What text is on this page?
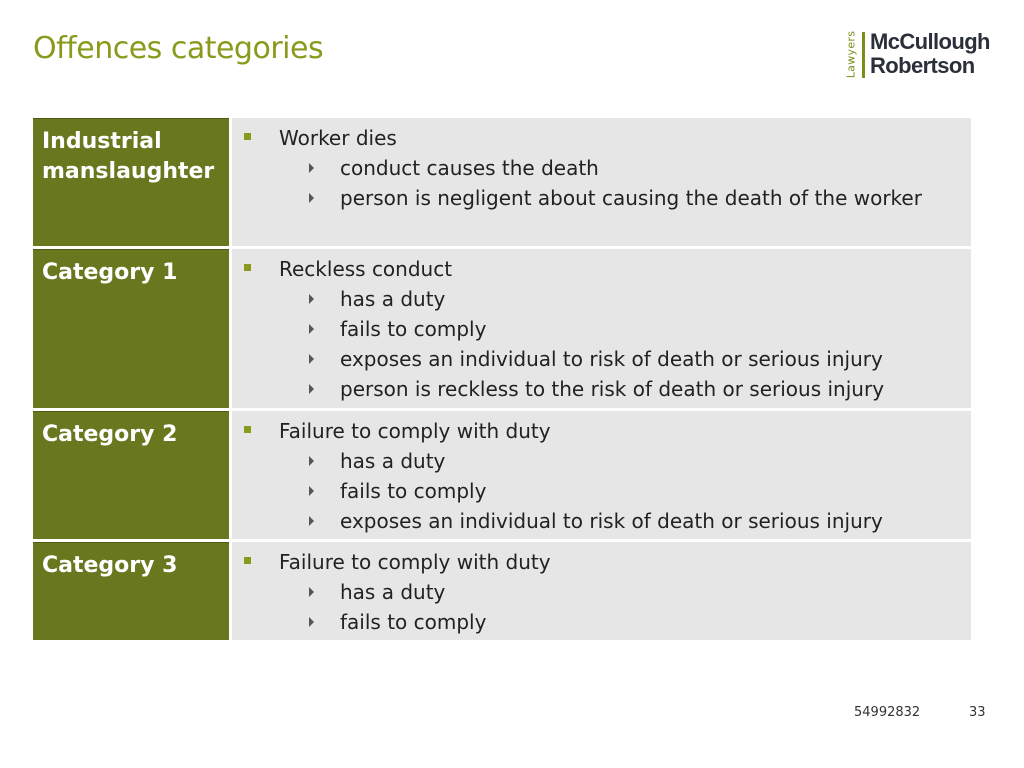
Offences categories	Lawyers McCullough
Robertson
Industrial manslaughter
Worker dies
conduct causes the death
person is negligent about causing the death of the worker
Category 1	Reckless conduct
has a duty
fails to comply
exposes an individual to risk of death or serious injury
person is reckless to the risk of death or serious injury
Category 2	Failure to comply with duty
has a duty
fails to comply
exposes an individual to risk of death or serious injury
Category 3	Failure to comply with duty
has a duty
fails to comply
54992832	33
